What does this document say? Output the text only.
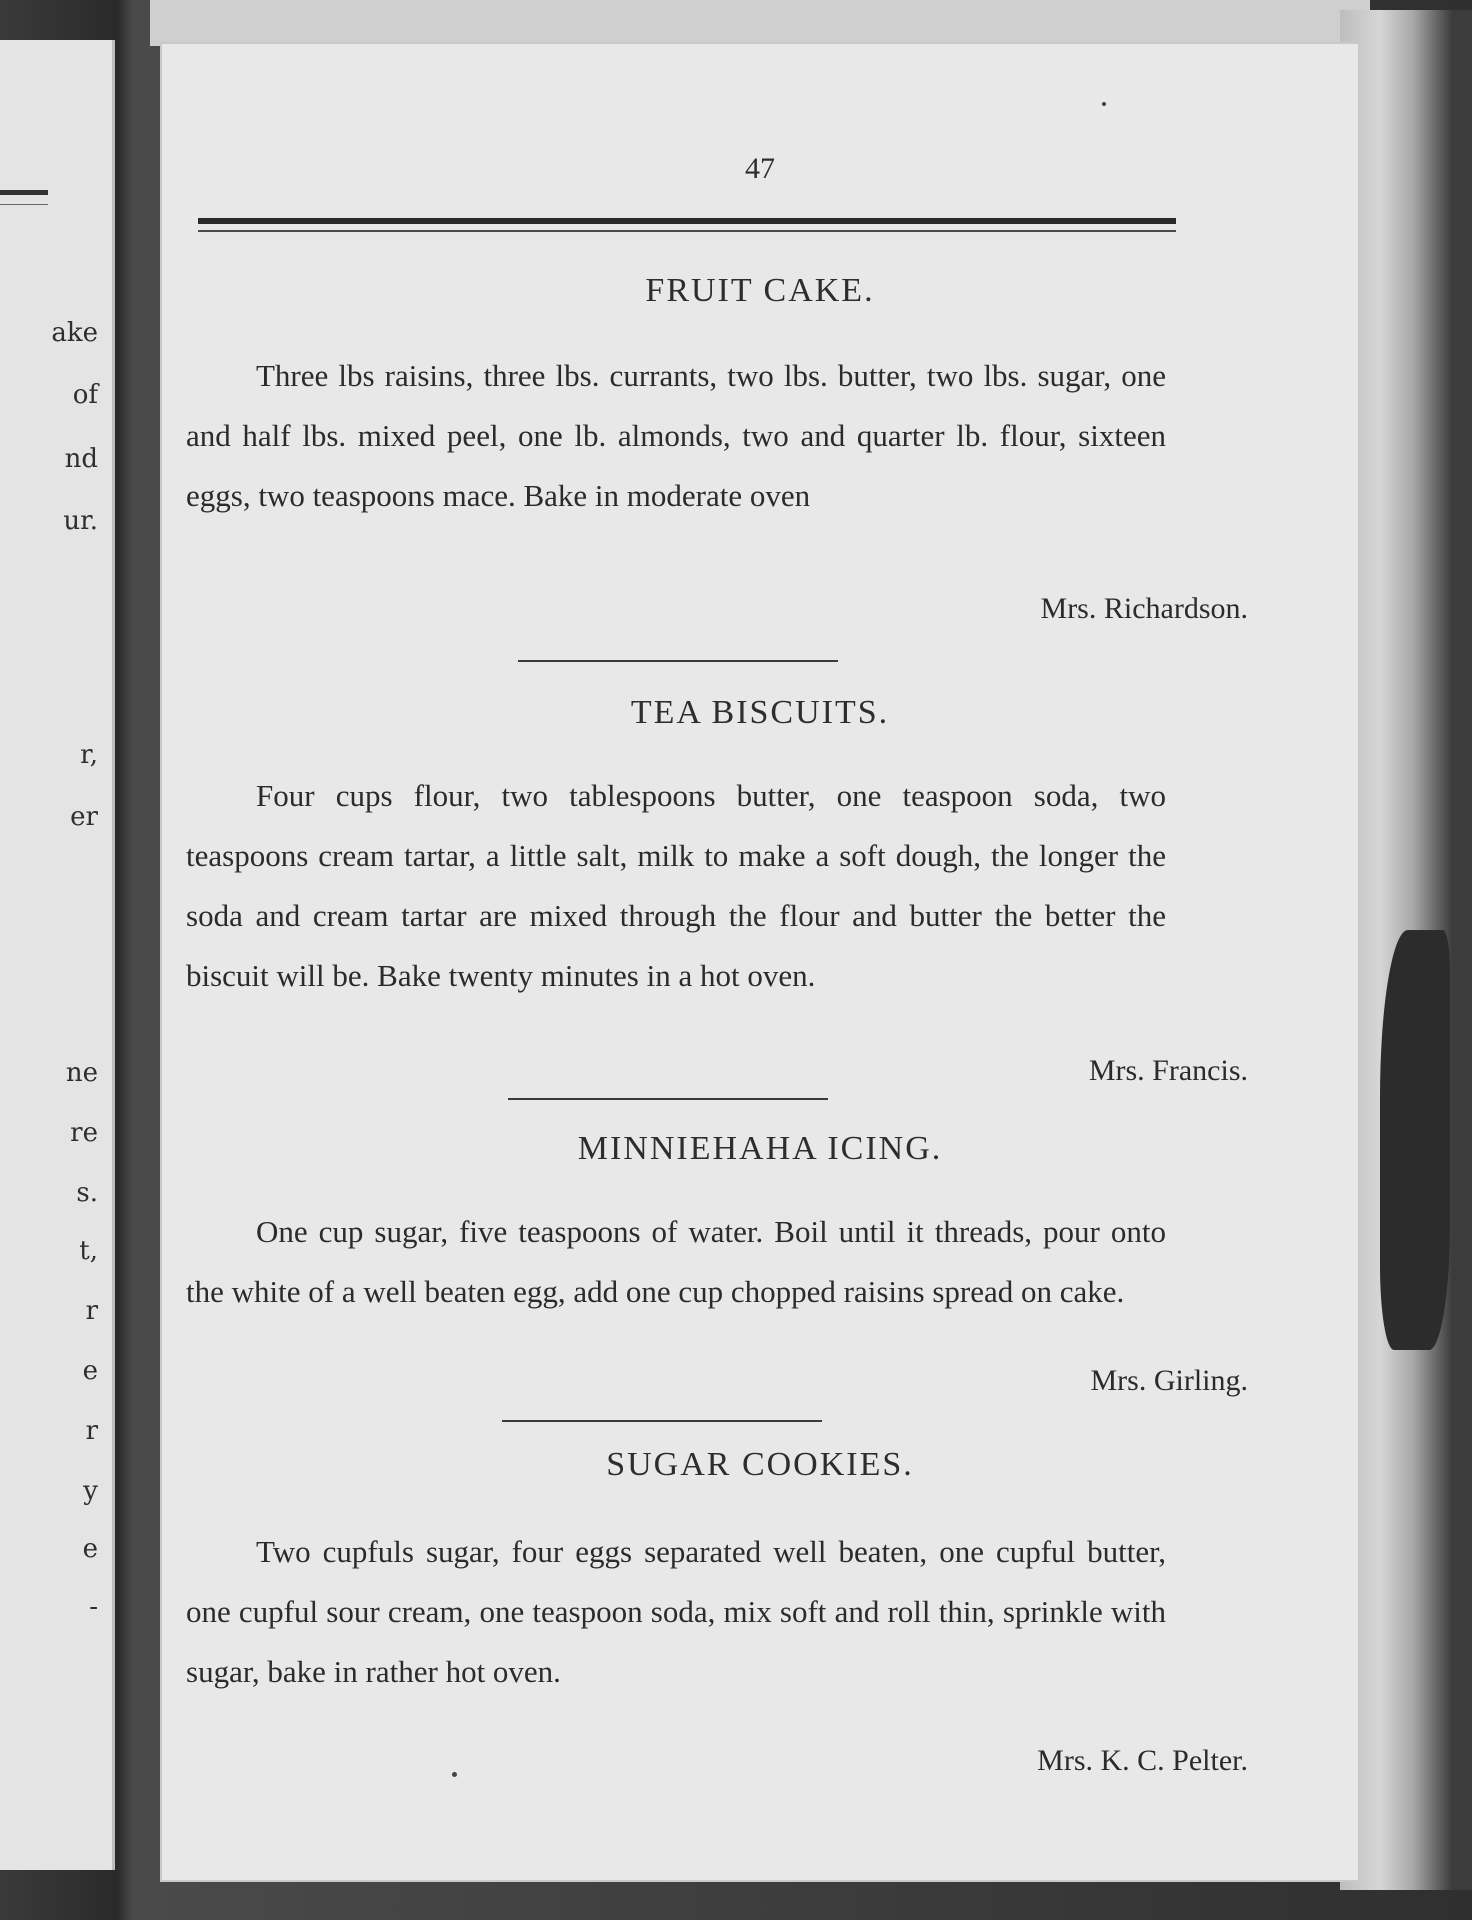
ake
of
nd
ur.
r,
er
ne
re
s.
t,
r
e
r
y
e
-
47
FRUIT CAKE.

Three lbs raisins, three lbs. currants, two lbs. butter, two lbs. sugar, one and half lbs. mixed peel, one lb. almonds, two and quarter lb. flour, sixteen eggs, two teaspoons mace. Bake in moderate oven

Mrs. Richardson.

TEA BISCUITS.

Four cups flour, two tablespoons butter, one teaspoon soda, two teaspoons cream tartar, a little salt, milk to make a soft dough, the longer the soda and cream tartar are mixed through the flour and butter the better the biscuit will be. Bake twenty minutes in a hot oven.

Mrs. Francis.

MINNIEHAHA ICING.

One cup sugar, five teaspoons of water. Boil until it threads, pour onto the white of a well beaten egg, add one cup chopped raisins spread on cake.

Mrs. Girling.

SUGAR COOKIES.

Two cupfuls sugar, four eggs separated well beaten, one cupful butter, one cupful sour cream, one teaspoon soda, mix soft and roll thin, sprinkle with sugar, bake in rather hot oven.

Mrs. K. C. Pelter.
